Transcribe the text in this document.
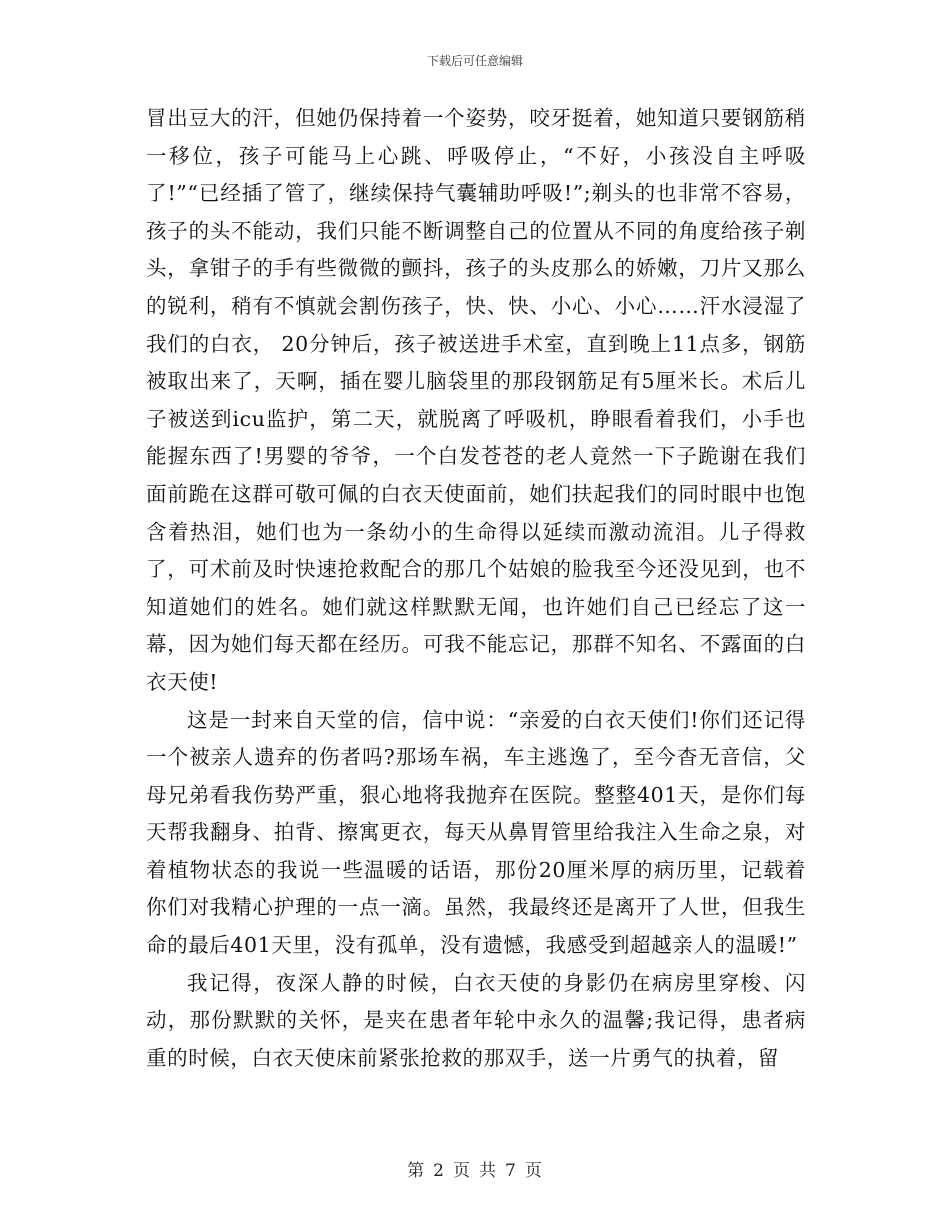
下载后可任意编辑

冒出豆大的汗，但她仍保持着一个姿势，咬牙挺着，她知道只要钢筋稍一移位，孩子可能马上心跳、呼吸停止，“不好，小孩没自主呼吸了!”“已经插了管了，继续保持气囊辅助呼吸!”;剃头的也非常不容易，孩子的头不能动，我们只能不断调整自己的位置从不同的角度给孩子剃头，拿钳子的手有些微微的颤抖，孩子的头皮那么的娇嫩，刀片又那么的锐利，稍有不慎就会割伤孩子，快、快、小心、小心……汗水浸湿了我们的白衣， 20分钟后，孩子被送进手术室，直到晚上11点多，钢筋被取出来了，天啊，插在婴儿脑袋里的那段钢筋足有5厘米长。术后儿子被送到icu监护，第二天，就脱离了呼吸机，睁眼看着我们，小手也能握东西了!男婴的爷爷，一个白发苍苍的老人竟然一下子跪谢在我们面前跪在这群可敬可佩的白衣天使面前，她们扶起我们的同时眼中也饱含着热泪，她们也为一条幼小的生命得以延续而激动流泪。儿子得救了，可术前及时快速抢救配合的那几个姑娘的脸我至今还没见到，也不知道她们的姓名。她们就这样默默无闻，也许她们自己已经忘了这一幕，因为她们每天都在经历。可我不能忘记，那群不知名、不露面的白衣天使!

这是一封来自天堂的信，信中说：“亲爱的白衣天使们!你们还记得一个被亲人遗弃的伤者吗?那场车祸，车主逃逸了，至今杳无音信，父母兄弟看我伤势严重，狠心地将我抛弃在医院。整整401天，是你们每天帮我翻身、拍背、擦寓更衣，每天从鼻胃管里给我注入生命之泉，对着植物状态的我说一些温暖的话语，那份20厘米厚的病历里，记载着你们对我精心护理的一点一滴。虽然，我最终还是离开了人世，但我生命的最后401天里，没有孤单，没有遗憾，我感受到超越亲人的温暖!”

我记得，夜深人静的时候，白衣天使的身影仍在病房里穿梭、闪动，那份默默的关怀，是夹在患者年轮中永久的温馨;我记得，患者病重的时候，白衣天使床前紧张抢救的那双手，送一片勇气的执着，留

第 2 页 共 7 页
